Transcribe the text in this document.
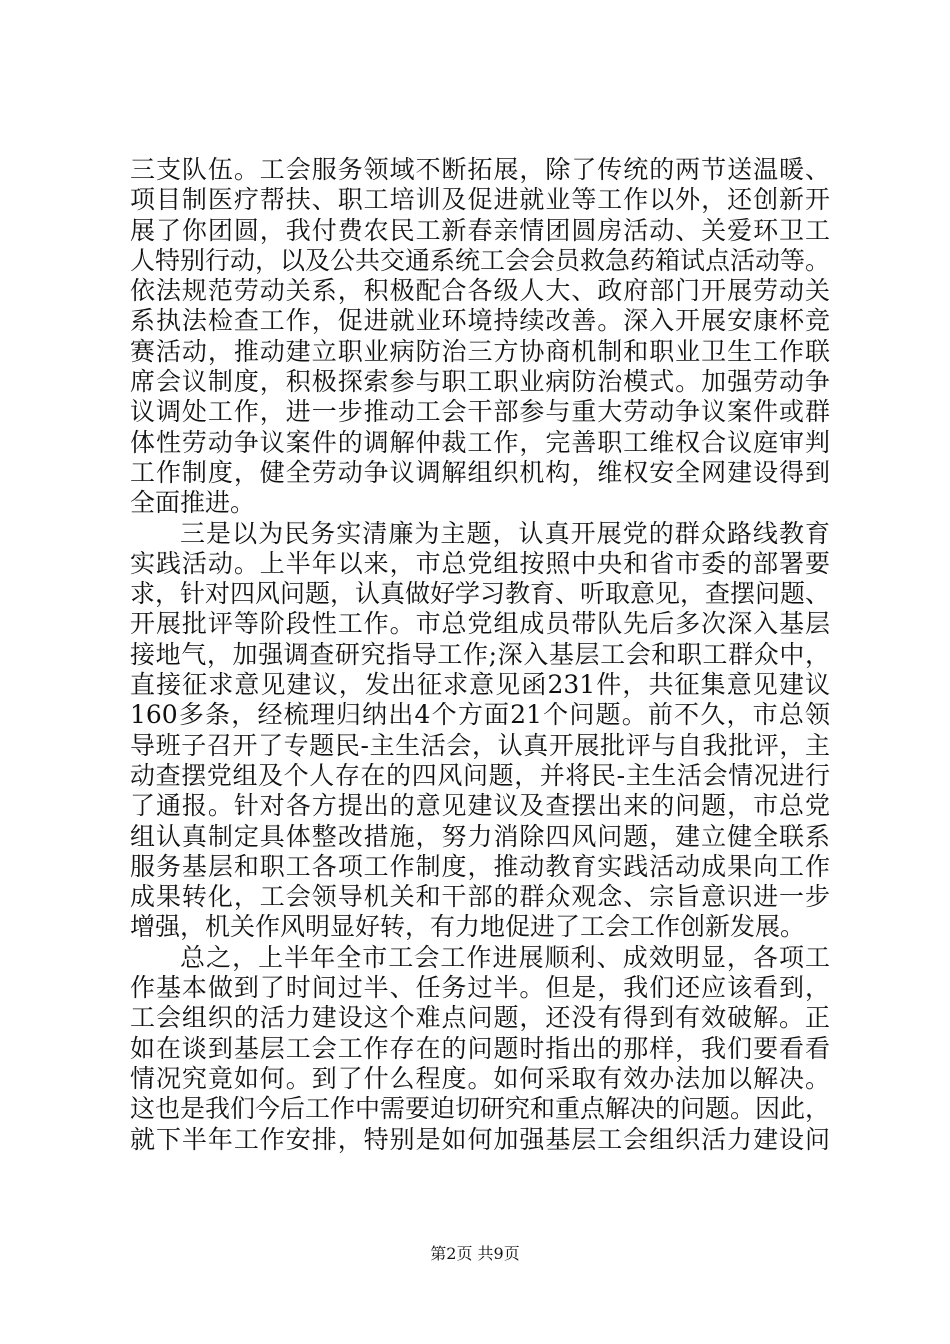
三支队伍。工会服务领域不断拓展，除了传统的两节送温暖、
项目制医疗帮扶、职工培训及促进就业等工作以外，还创新开
展了你团圆，我付费农民工新春亲情团圆房活动、关爱环卫工
人特别行动，以及公共交通系统工会会员救急药箱试点活动等。
依法规范劳动关系，积极配合各级人大、政府部门开展劳动关
系执法检查工作，促进就业环境持续改善。深入开展安康杯竞
赛活动，推动建立职业病防治三方协商机制和职业卫生工作联
席会议制度，积极探索参与职工职业病防治模式。加强劳动争
议调处工作，进一步推动工会干部参与重大劳动争议案件或群
体性劳动争议案件的调解仲裁工作，完善职工维权合议庭审判
工作制度，健全劳动争议调解组织机构，维权安全网建设得到
全面推进。
三是以为民务实清廉为主题，认真开展党的群众路线教育
实践活动。上半年以来，市总党组按照中央和省市委的部署要
求，针对四风问题，认真做好学习教育、听取意见，查摆问题、
开展批评等阶段性工作。市总党组成员带队先后多次深入基层
接地气，加强调查研究指导工作;深入基层工会和职工群众中，
直接征求意见建议，发出征求意见函231件，共征集意见建议
160多条，经梳理归纳出4个方面21个问题。前不久，市总领
导班子召开了专题民-主生活会，认真开展批评与自我批评，主
动查摆党组及个人存在的四风问题，并将民-主生活会情况进行
了通报。针对各方提出的意见建议及查摆出来的问题，市总党
组认真制定具体整改措施，努力消除四风问题，建立健全联系
服务基层和职工各项工作制度，推动教育实践活动成果向工作
成果转化，工会领导机关和干部的群众观念、宗旨意识进一步
增强，机关作风明显好转，有力地促进了工会工作创新发展。
总之，上半年全市工会工作进展顺利、成效明显，各项工
作基本做到了时间过半、任务过半。但是，我们还应该看到，
工会组织的活力建设这个难点问题，还没有得到有效破解。正
如在谈到基层工会工作存在的问题时指出的那样，我们要看看
情况究竟如何。到了什么程度。如何采取有效办法加以解决。
这也是我们今后工作中需要迫切研究和重点解决的问题。因此，
就下半年工作安排，特别是如何加强基层工会组织活力建设问
第2页 共9页
